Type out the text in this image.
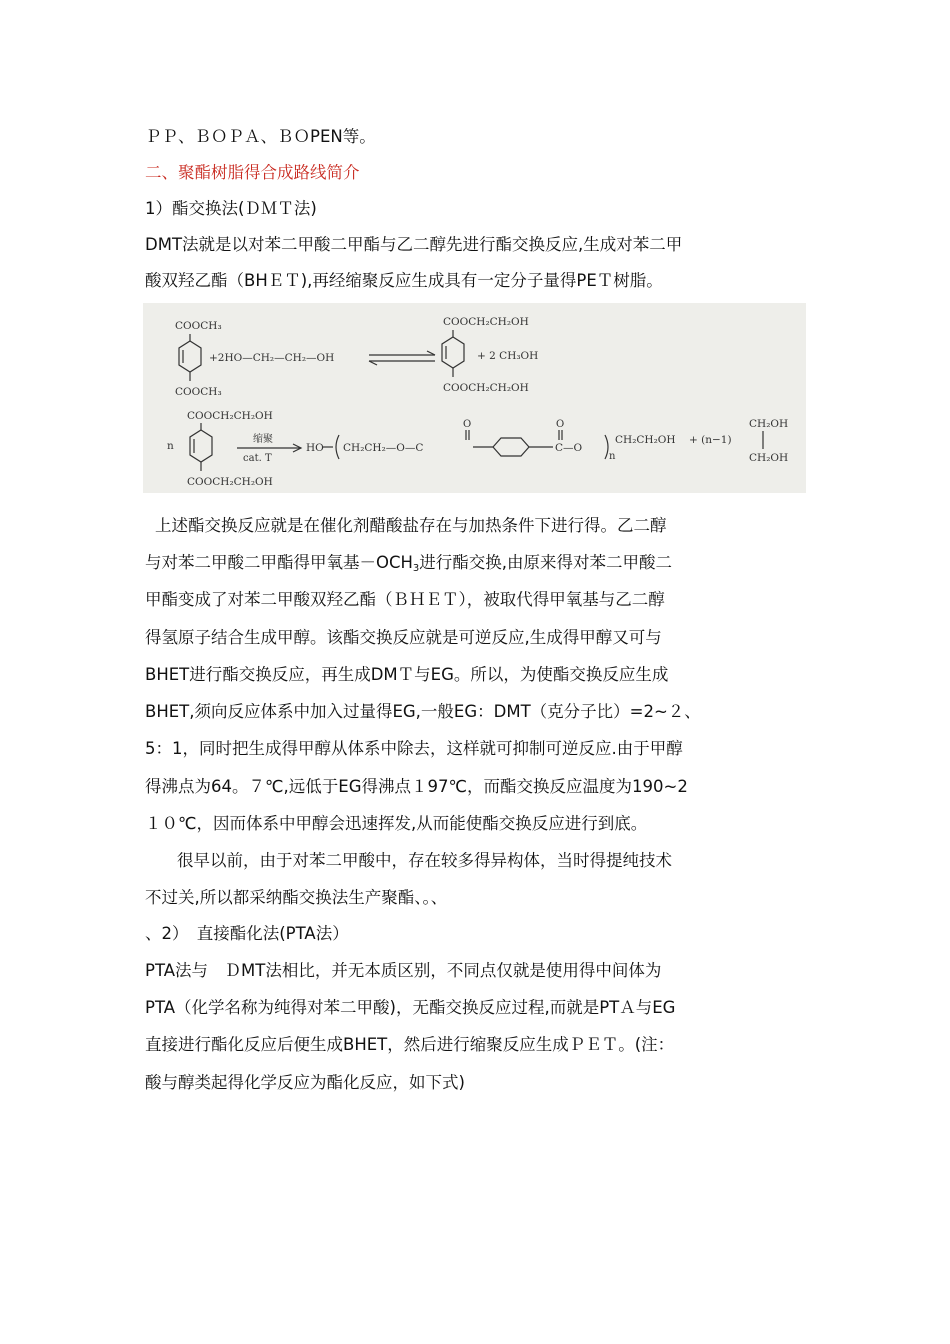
ＰＰ、ＢＯＰＡ、ＢＯPEN等。
二、聚酯树脂得合成路线简介
1）酯交换法(ＤＭＴ法)
DMT法就是以对苯二甲酸二甲酯与乙二醇先进行酯交换反应,生成对苯二甲
酸双羟乙酯（BHＥＴ),再经缩聚反应生成具有一定分子量得PEＴ树脂。
COOCH₃
COOCH₃
+2HO—CH₂—CH₂—OH
COOCH₂CH₂OH
COOCH₂CH₂OH
+ 2 CH₃OH
COOCH₂CH₂OH
n
COOCH₂CH₂OH
缩聚
cat. T
HO CH₂CH₂—O—C
O	O
C—O
n
CH₂CH₂OH + (n−1)
CH₂OH
CH₂OH
上述酯交换反应就是在催化剂醋酸盐存在与加热条件下进行得。乙二醇
与对苯二甲酸二甲酯得甲氧基$-OCH_3$进行酯交换,由原来得对苯二甲酸二
甲酯变成了对苯二甲酸双羟乙酯（ＢＨＥＴ），被取代得甲氧基与乙二醇
得氢原子结合生成甲醇。该酯交换反应就是可逆反应,生成得甲醇又可与
BHET进行酯交换反应，再生成DMＴ与EG。所以，为使酯交换反应生成
BHET,须向反应体系中加入过量得EG,一般EG：DMT（克分子比）=2~２、
5：1，同时把生成得甲醇从体系中除去，这样就可抑制可逆反应.由于甲醇
得沸点为64。７℃,远低于EG得沸点１97℃，而酯交换反应温度为190~2
１０℃，因而体系中甲醇会迅速挥发,从而能使酯交换反应进行到底。
很早以前，由于对苯二甲酸中，存在较多得异构体，当时得提纯技术
不过关,所以都采纳酯交换法生产聚酯、。、
、2）　直接酯化法(PTA法）
PTA法与　ＤMT法相比，并无本质区别，不同点仅就是使用得中间体为
PTA（化学名称为纯得对苯二甲酸)，无酯交换反应过程,而就是PTＡ与EG
直接进行酯化反应后便生成BHET，然后进行缩聚反应生成ＰＥＴ。(注：
酸与醇类起得化学反应为酯化反应，如下式)
